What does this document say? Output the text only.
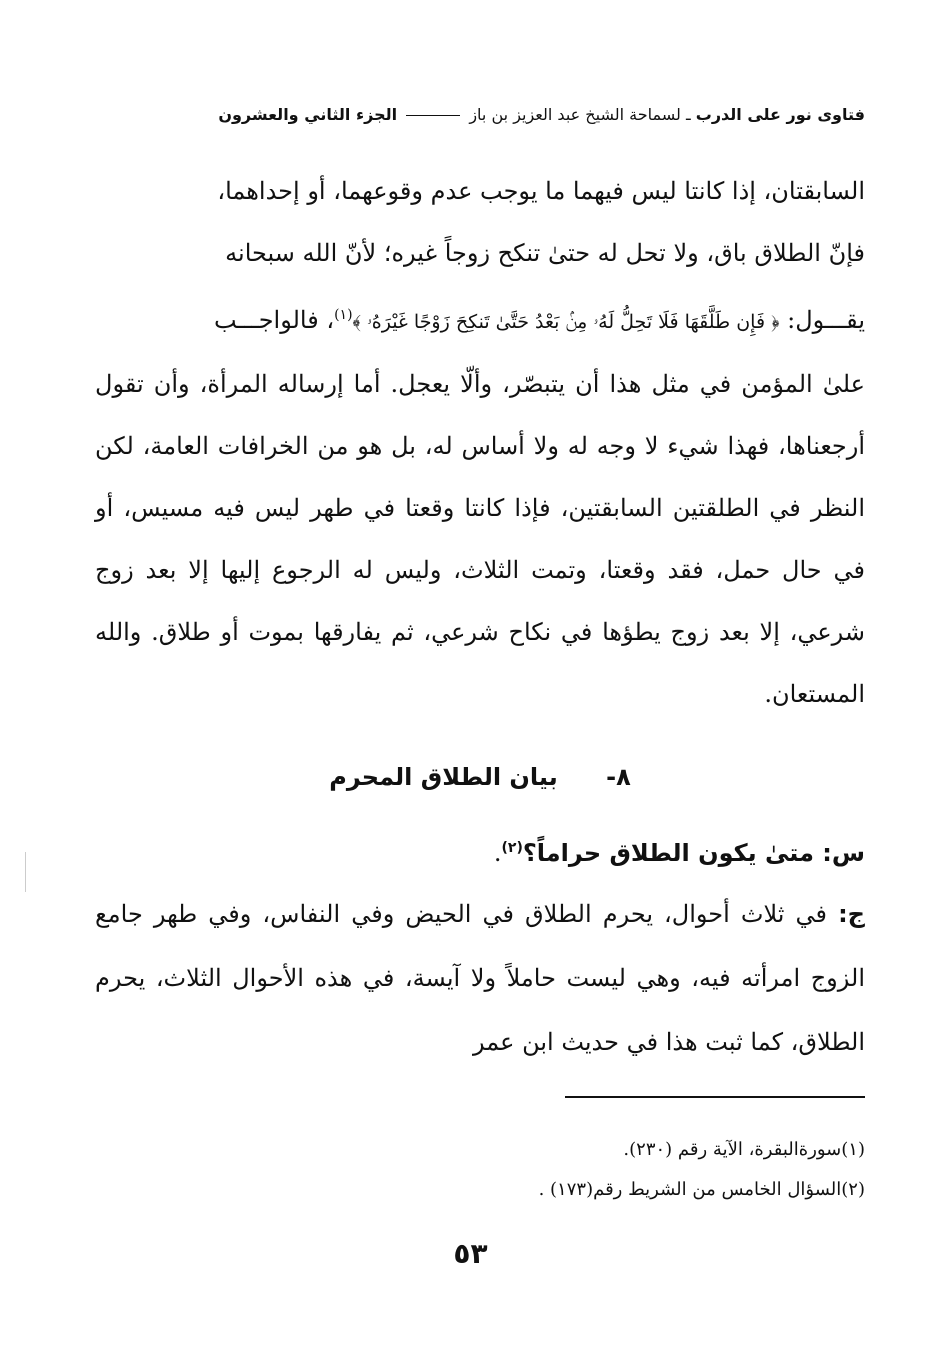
فتاوى نور على الدرب ـ لسماحة الشيخ عبد العزيز بن باز  الجزء الثاني والعشرون

السابقتان، إذا كانتا ليس فيهما ما يوجب عدم وقوعهما، أو إحداهما،

فإنّ الطلاق باق، ولا تحل له حتىٰ تنكح زوجاً غيره؛ لأنّ الله سبحانه

يقـــول: ﴿ فَإِن طَلَّقَهَا فَلَا تَحِلُّ لَهُۥ مِنۢ بَعْدُ حَتَّىٰ تَنكِحَ زَوْجًا غَيْرَهُۥ ﴾$^{(١)}$، فالواجـــب

علىٰ المؤمن في مثل هذا أن يتبصّر، وألّا يعجل. أما إرساله المرأة، وأن تقول أرجعناها، فهذا شيء لا وجه له ولا أساس له، بل هو من الخرافات العامة، لكن النظر في الطلقتين السابقتين، فإذا كانتا وقعتا في طهر ليس فيه مسيس، أو في حال حمل، فقد وقعتا، وتمت الثلاث، وليس له الرجوع إليها إلا بعد زوج شرعي، إلا بعد زوج يطؤها في نكاح شرعي، ثم يفارقها بموت أو طلاق. والله المستعان.

٨- بيان الطلاق المحرم
س: متىٰ يكون الطلاق حراماً؟$^{(٢)}$.

ج: في ثلاث أحوال، يحرم الطلاق في الحيض وفي النفاس، وفي طهر جامع الزوج امرأته فيه، وهي ليست حاملاً ولا آيسة، في هذه الأحوال الثلاث، يحرم الطلاق، كما ثبت هذا في حديث ابن عمر

(١)سورةالبقرة، الآية رقم (٢٣٠).

(٢)السؤال الخامس من الشريط رقم(١٧٣) .

٥٣
